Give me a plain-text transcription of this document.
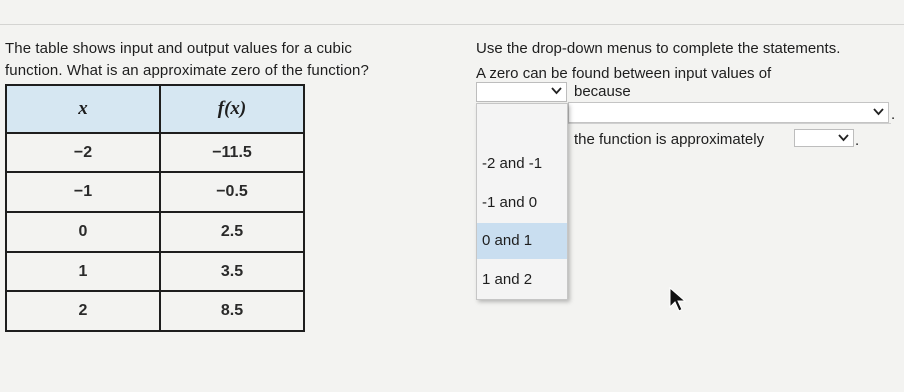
The table shows input and output values for a cubic
function. What is an approximate zero of the function?
x	f(x)
−2	−11.5
−1	−0.5
0	2.5
1	3.5
2	8.5
Use the drop-down menus to complete the statements.
A zero can be found between input values of
because
.
the function is approximately	.
-2 and -1
-1 and 0
0 and 1
1 and 2
